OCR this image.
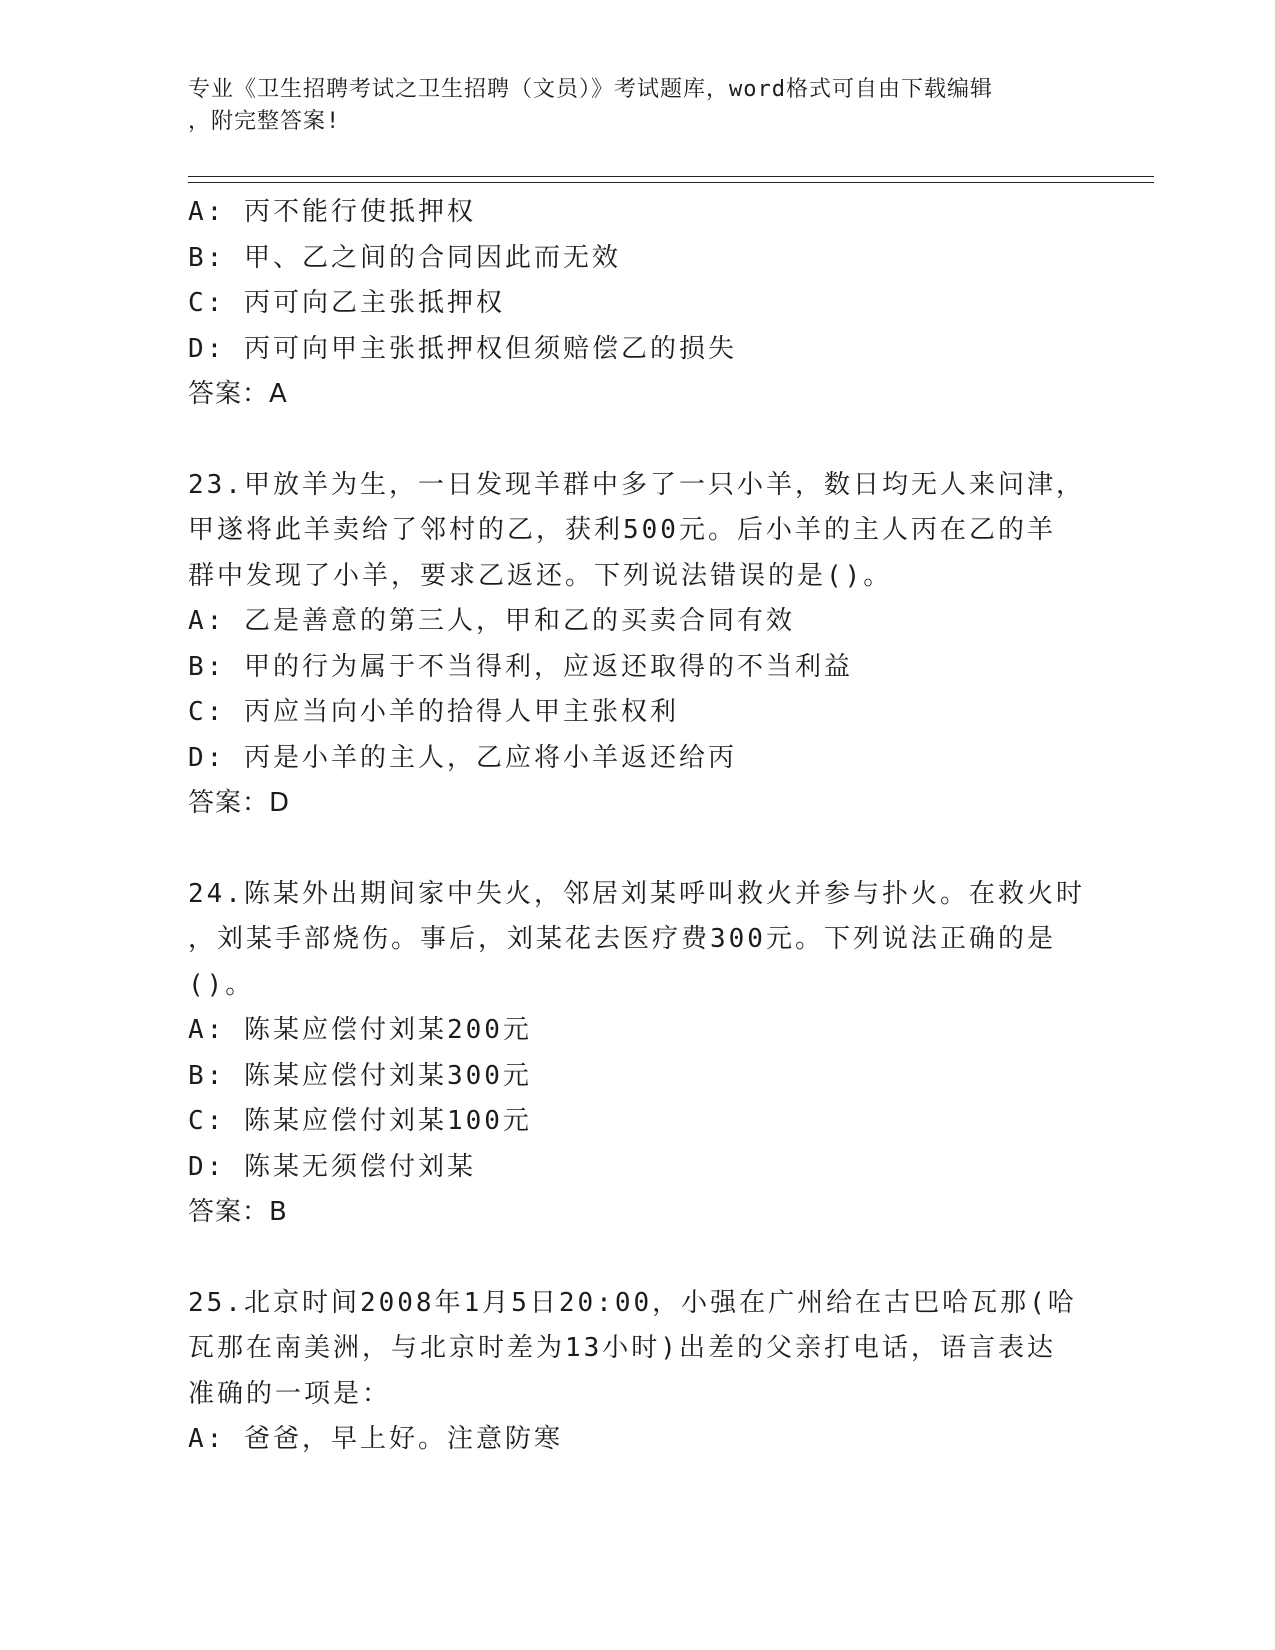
专业《卫生招聘考试之卫生招聘（文员）》考试题库，word格式可自由下载编辑
，附完整答案!
A: 丙不能行使抵押权
B: 甲、乙之间的合同因此而无效
C: 丙可向乙主张抵押权
D: 丙可向甲主张抵押权但须赔偿乙的损失
答案：A
23.甲放羊为生，一日发现羊群中多了一只小羊，数日均无人来问津，
甲遂将此羊卖给了邻村的乙，获利500元。后小羊的主人丙在乙的羊
群中发现了小羊，要求乙返还。下列说法错误的是()。
A: 乙是善意的第三人，甲和乙的买卖合同有效
B: 甲的行为属于不当得利，应返还取得的不当利益
C: 丙应当向小羊的拾得人甲主张权利
D: 丙是小羊的主人，乙应将小羊返还给丙
答案：D
24.陈某外出期间家中失火，邻居刘某呼叫救火并参与扑火。在救火时
，刘某手部烧伤。事后，刘某花去医疗费300元。下列说法正确的是
()。
A: 陈某应偿付刘某200元
B: 陈某应偿付刘某300元
C: 陈某应偿付刘某100元
D: 陈某无须偿付刘某
答案：B
25.北京时间2008年1月5日20:00，小强在广州给在古巴哈瓦那(哈
瓦那在南美洲，与北京时差为13小时)出差的父亲打电话，语言表达
准确的一项是：
A: 爸爸，早上好。注意防寒
